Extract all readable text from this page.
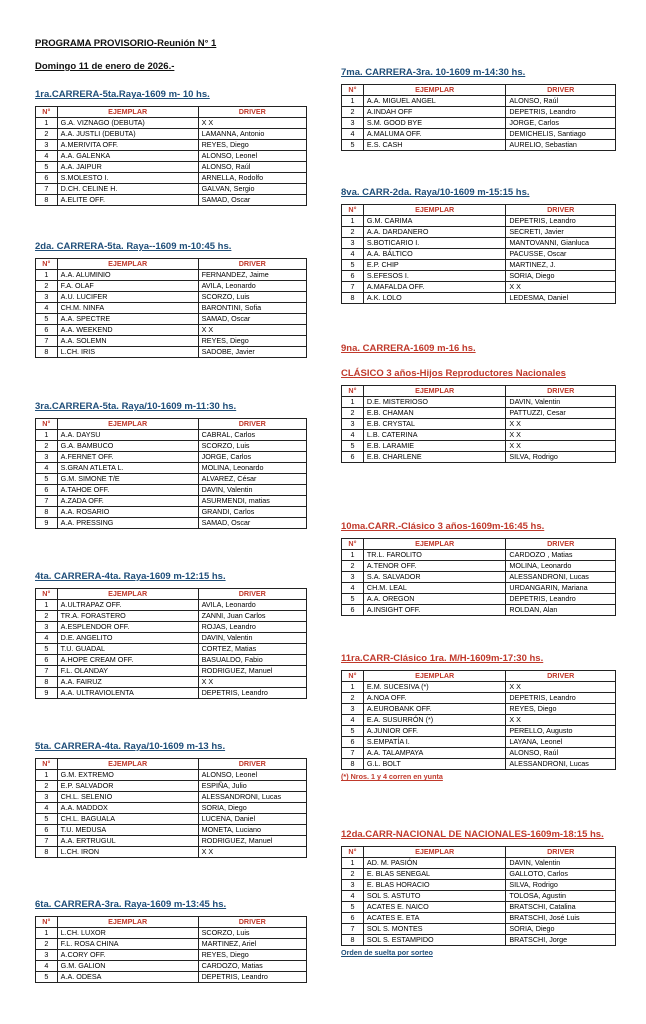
PROGRAMA PROVISORIO-Reunión N° 1

Domingo 11 de enero de 2026.-

1ra.CARRERA-5ta.Raya-1609 m- 10 hs.

N°	EJEMPLAR	DRIVER
1	G.A. VIZNAGO (DEBUTA)	X X
2	A.A. JUSTLI (DEBUTA)	LAMANNA, Antonio
3	A.MERIVITA OFF.	REYES, Diego
4	A.A. GALENKA	ALONSO, Leonel
5	A.A. JAIPUR	ALONSO, Raúl
6	S.MOLESTO I.	ARNELLA, Rodolfo
7	D.CH. CELINE H.	GALVAN, Sergio
8	A.ELITE OFF.	SAMAD, Oscar

2da. CARRERA-5ta. Raya--1609 m-10:45 hs.

N°	EJEMPLAR	DRIVER
1	A.A. ALUMINIO	FERNANDEZ, Jaime
2	F.A. OLAF	AVILA, Leonardo
3	A.U. LUCIFER	SCORZO, Luis
4	CH.M. NINFA	BARONTINI, Sofia
5	A.A. SPECTRE	SAMAD, Oscar
6	A.A. WEEKEND	X X
7	A.A. SOLEMN	REYES, Diego
8	L.CH. IRIS	SADOBE, Javier

3ra.CARRERA-5ta. Raya/10-1609 m-11:30 hs.

N°	EJEMPLAR	DRIVER
1	A.A. DAYSU	CABRAL, Carlos
2	G.A. BAMBUCO	SCORZO, Luis
3	A.FERNET OFF.	JORGE, Carlos
4	S.GRAN ATLETA L.	MOLINA, Leonardo
5	G.M. SIMONE T/E	ALVAREZ, César
6	A.TAHOE OFF.	DAVIN, Valentin
7	A.ZADA OFF.	ASURMENDI, matias
8	A.A. ROSARIO	GRANDI, Carlos
9	A.A. PRESSING	SAMAD, Oscar

4ta. CARRERA-4ta. Raya-1609 m-12:15 hs.

N°	EJEMPLAR	DRIVER
1	A.ULTRAPAZ OFF.	AVILA, Leonardo
2	TR.A. FORASTERO	ZANNI, Juan Carlos
3	A.ESPLENDOR OFF.	ROJAS, Leandro
4	D.E. ANGELITO	DAVIN, Valentin
5	T.U. GUADAL	CORTEZ, Matias
6	A.HOPE CREAM OFF.	BASUALDO, Fabio
7	F.L. OLANDAY	RODRIGUEZ, Manuel
8	A.A. FAIRUZ	X X
9	A.A. ULTRAVIOLENTA	DEPETRIS, Leandro

5ta. CARRERA-4ta. Raya/10-1609 m-13 hs.

N°	EJEMPLAR	DRIVER
1	G.M. EXTREMO	ALONSO, Leonel
2	E.P. SALVADOR	ESPIÑA, Julio
3	CH.L. SELENIO	ALESSANDRONI, Lucas
4	A.A. MADDOX	SORIA, Diego
5	CH.L. BAGUALA	LUCENA, Daniel
6	T.U. MEDUSA	MONETA, Luciano
7	A.A. ERTRUGUL	RODRIGUEZ, Manuel
8	L.CH. IRON	X X

6ta. CARRERA-3ra. Raya-1609 m-13:45 hs.

N°	EJEMPLAR	DRIVER
1	L.CH. LUXOR	SCORZO, Luis
2	F.L. ROSA CHINA	MARTINEZ, Ariel
3	A.CORY OFF.	REYES, Diego
4	G.M. GALION	CARDOZO, Matias
5	A.A. ODESA	DEPETRIS, Leandro

7ma. CARRERA-3ra. 10-1609 m-14:30 hs.

N°	EJEMPLAR	DRIVER
1	A.A. MIGUEL ANGEL	ALONSO, Raúl
2	A.INDAH OFF	DEPETRIS, Leandro
3	S.M. GOOD BYE	JORGE, Carlos
4	A.MALUMA OFF.	DEMICHELIS, Santiago
5	E.S. CASH	AURELIO, Sebastian

8va. CARR-2da. Raya/10-1609 m-15:15 hs.

N°	EJEMPLAR	DRIVER
1	G.M. CARIMA	DEPETRIS, Leandro
2	A.A. DARDANERO	SECRETI, Javier
3	S.BOTICARIO I.	MANTOVANNI, Gianluca
4	A.A. BÁLTICO	PACUSSE, Oscar
5	E.P. CHIP	MARTINEZ, J.
6	S.EFESOS I.	SORIA, Diego
7	A.MAFALDA OFF.	X X
8	A.K. LOLO	LEDESMA, Daniel

9na. CARRERA-1609 m-16 hs.

CLÁSICO 3 años-Hijos Reproductores Nacionales

N°	EJEMPLAR	DRIVER
1	D.E. MISTERIOSO	DAVIN, Valentin
2	E.B. CHAMAN	PATTUZZI, Cesar
3	E.B. CRYSTAL	X X
4	L.B. CATERINA	X X
5	E.B. LARAMIE	X X
6	E.B. CHARLENE	SILVA, Rodrigo

10ma.CARR.-Clásico 3 años-1609m-16:45 hs.

N°	EJEMPLAR	DRIVER
1	TR.L. FAROLITO	CARDOZO , Matias
2	A.TENOR OFF.	MOLINA, Leonardo
3	S.A. SALVADOR	ALESSANDRONI, Lucas
4	CH.M. LEAL	URDANGARIN, Mariana
5	A.A. OREGON	DEPETRIS, Leandro
6	A.INSIGHT OFF.	ROLDAN, Alan

11ra.CARR-Clásico 1ra. M/H-1609m-17:30 hs.

N°	EJEMPLAR	DRIVER
1	E.M. SUCESIVA (*)	X X
2	A.NOA OFF.	DEPETRIS, Leandro
3	A.EUROBANK OFF.	REYES, Diego
4	E.A. SUSURRÓN (*)	X X
5	A.JUNIOR OFF.	PERELLO, Augusto
6	S.EMPATÍA I.	LAYANA, Leonel
7	A.A. TALAMPAYA	ALONSO, Raúl
8	G.L. BOLT	ALESSANDRONI, Lucas
(*) Nros. 1 y 4 corren en yunta

12da.CARR-NACIONAL DE NACIONALES-1609m-18:15 hs.

N°	EJEMPLAR	DRIVER
1	AD. M. PASIÓN	DAVIN, Valentin
2	E. BLAS SENEGAL	GALLOTO, Carlos
3	E. BLAS HORACIO	SILVA, Rodrigo
4	SOL S. ASTUTO	TOLOSA, Agustin
5	ACATES E. NAICO	BRATSCHI, Catalina
6	ACATES E. ETA	BRATSCHI, José Luis
7	SOL S. MONTES	SORIA, Diego
8	SOL S. ESTAMPIDO	BRATSCHI, Jorge
Orden de suelta por sorteo
